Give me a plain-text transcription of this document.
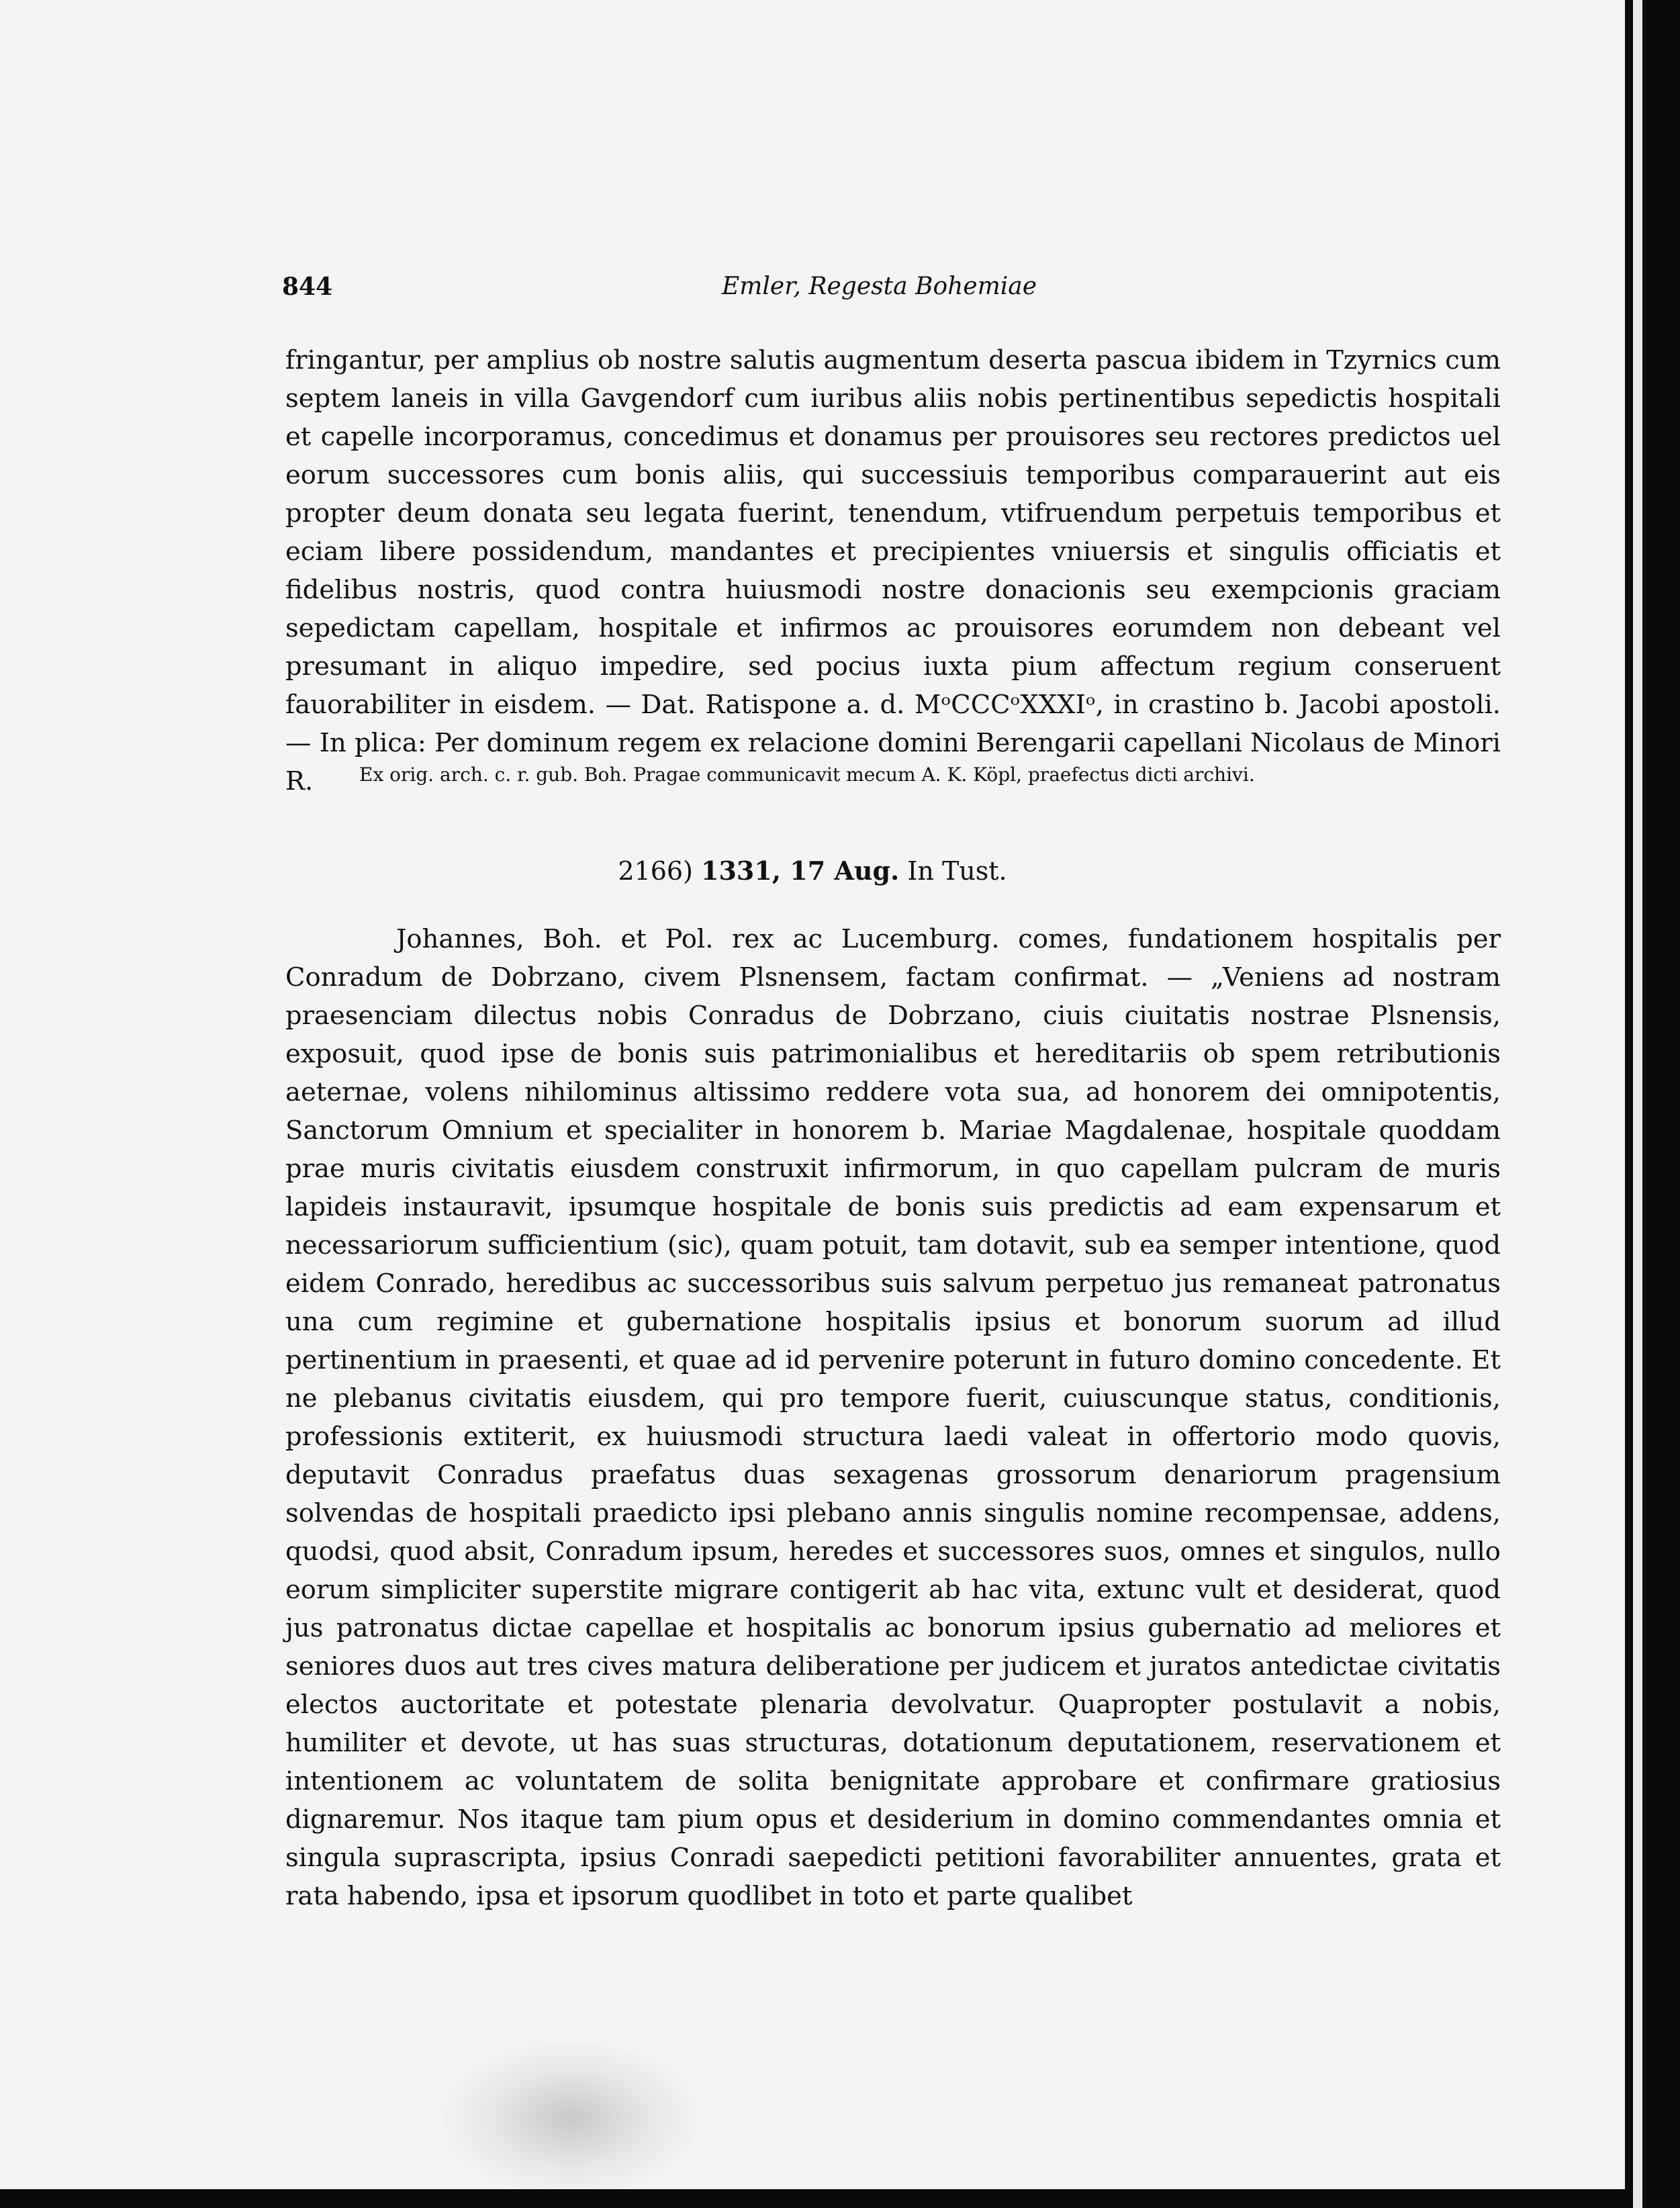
844	Emler, Regesta Bohemiae
fringantur, per amplius ob nostre salutis augmentum deserta pascua ibidem in Tzyrnics cum septem laneis in villa Gavgendorf cum iuribus aliis nobis pertinentibus sepedictis hospitali et capelle incorporamus, concedimus et donamus per prouisores seu rectores predictos uel eorum successores cum bonis aliis, qui successiuis temporibus comparauerint aut eis propter deum donata seu legata fuerint, tenendum, vtifruendum perpetuis temporibus et eciam libere possidendum, mandantes et precipientes vniuersis et singulis officiatis et fidelibus nostris, quod contra huiusmodi nostre donacionis seu exempcionis graciam sepedictam capellam, hospitale et infirmos ac prouisores eorumdem non debeant vel presumant in aliquo impedire, sed pocius iuxta pium affectum regium conseruent fauorabiliter in eisdem. — Dat. Ratispone a. d. MᵒCCCᵒXXXIᵒ, in crastino b. Jacobi apostoli. — In plica: Per dominum regem ex relacione domini Berengarii capellani Nicolaus de Minori R.	Ex orig. arch. c. r. gub. Boh. Pragae communicavit mecum A. K. Köpl, praefectus dicti archivi.
2166) 1331, 17 Aug. In Tust.
Johannes, Boh. et Pol. rex ac Lucemburg. comes, fundationem hospitalis per Conradum de Dobrzano, civem Plsnensem, factam confirmat. — „Veniens ad nostram praesenciam dilectus nobis Conradus de Dobrzano, ciuis ciuitatis nostrae Plsnensis, exposuit, quod ipse de bonis suis patrimonialibus et hereditariis ob spem retributionis aeternae, volens nihilominus altissimo reddere vota sua, ad honorem dei omnipotentis, Sanctorum Omnium et specialiter in honorem b. Mariae Magdalenae, hospitale quoddam prae muris civitatis eiusdem construxit infirmorum, in quo capellam pulcram de muris lapideis instauravit, ipsumque hospitale de bonis suis predictis ad eam expensarum et necessariorum sufficientium (sic), quam potuit, tam dotavit, sub ea semper intentione, quod eidem Conrado, heredibus ac successoribus suis salvum perpetuo jus remaneat patronatus una cum regimine et gubernatione hospitalis ipsius et bonorum suorum ad illud pertinentium in praesenti, et quae ad id pervenire poterunt in futuro domino concedente. Et ne plebanus civitatis eiusdem, qui pro tempore fuerit, cuiuscunque status, conditionis, professionis extiterit, ex huiusmodi structura laedi valeat in offertorio modo quovis, deputavit Conradus praefatus duas sexagenas grossorum denariorum pragensium solvendas de hospitali praedicto ipsi plebano annis singulis nomine recompensae, addens, quodsi, quod absit, Conradum ipsum, heredes et successores suos, omnes et singulos, nullo eorum simpliciter superstite migrare contigerit ab hac vita, extunc vult et desiderat, quod jus patronatus dictae capellae et hospitalis ac bonorum ipsius gubernatio ad meliores et seniores duos aut tres cives matura deliberatione per judicem et juratos antedictae civitatis electos auctoritate et potestate plenaria devolvatur. Quapropter postulavit a nobis, humiliter et devote, ut has suas structuras, dotationum deputationem, reservationem et intentionem ac voluntatem de solita benignitate approbare et confirmare gratiosius dignaremur. Nos itaque tam pium opus et desiderium in domino commendantes omnia et singula suprascripta, ipsius Conradi saepedicti petitioni favorabiliter annuentes, grata et rata habendo, ipsa et ipsorum quodlibet in toto et parte qualibet
